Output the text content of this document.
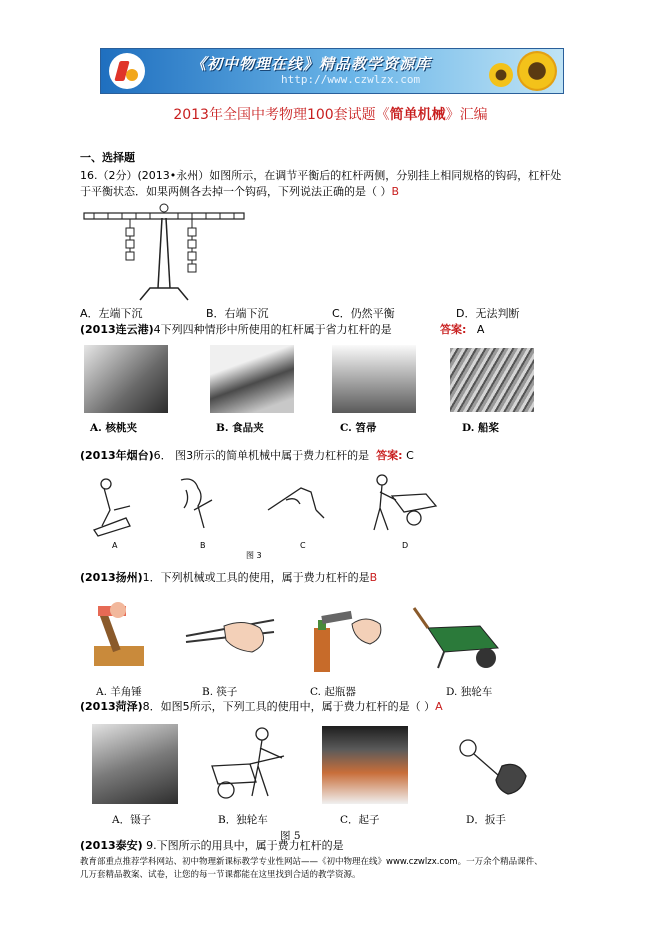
《初中物理在线》精品教学资源库
http://www.czwlzx.com
2013年全国中考物理100套试题《简单机械》汇编
一、选择题
16.（2分）(2013•永州）如图所示，在调节平衡后的杠杆两侧，分别挂上相同规格的钩码，杠杆处
于平衡状态．如果两侧各去掉一个钩码，下列说法正确的是（ ）B
A．左端下沉	B．右端下沉	C．仍然平衡	D．无法判断
(2013连云港)4下列四种情形中所使用的杠杆属于省力杠杆的是	答案: A
A. 核桃夹	B. 食品夹	C. 笤帚	D. 船桨
(2013年烟台)6． 图3所示的简单机械中属于费力杠杆的是 答案: C
A	B	C	D
图 3
(2013扬州)1．下列机械或工具的使用，属于费力杠杆的是B
A. 羊角锤	B. 筷子	C. 起瓶器	D. 独轮车
(2013菏泽)8．如图5所示，下列工具的使用中，属于费力杠杆的是（ ）A
A．镊子	B．独轮车	C．起子	D．扳手
图 5
(2013泰安) 9.下图所示的用具中，属于费力杠杆的是
教育部重点推荐学科网站、初中物理新课标教学专业性网站——《初中物理在线》www.czwlzx.com。一万余个精品课件、
几万套精品教案、试卷，让您的每一节课都能在这里找到合适的教学资源。
